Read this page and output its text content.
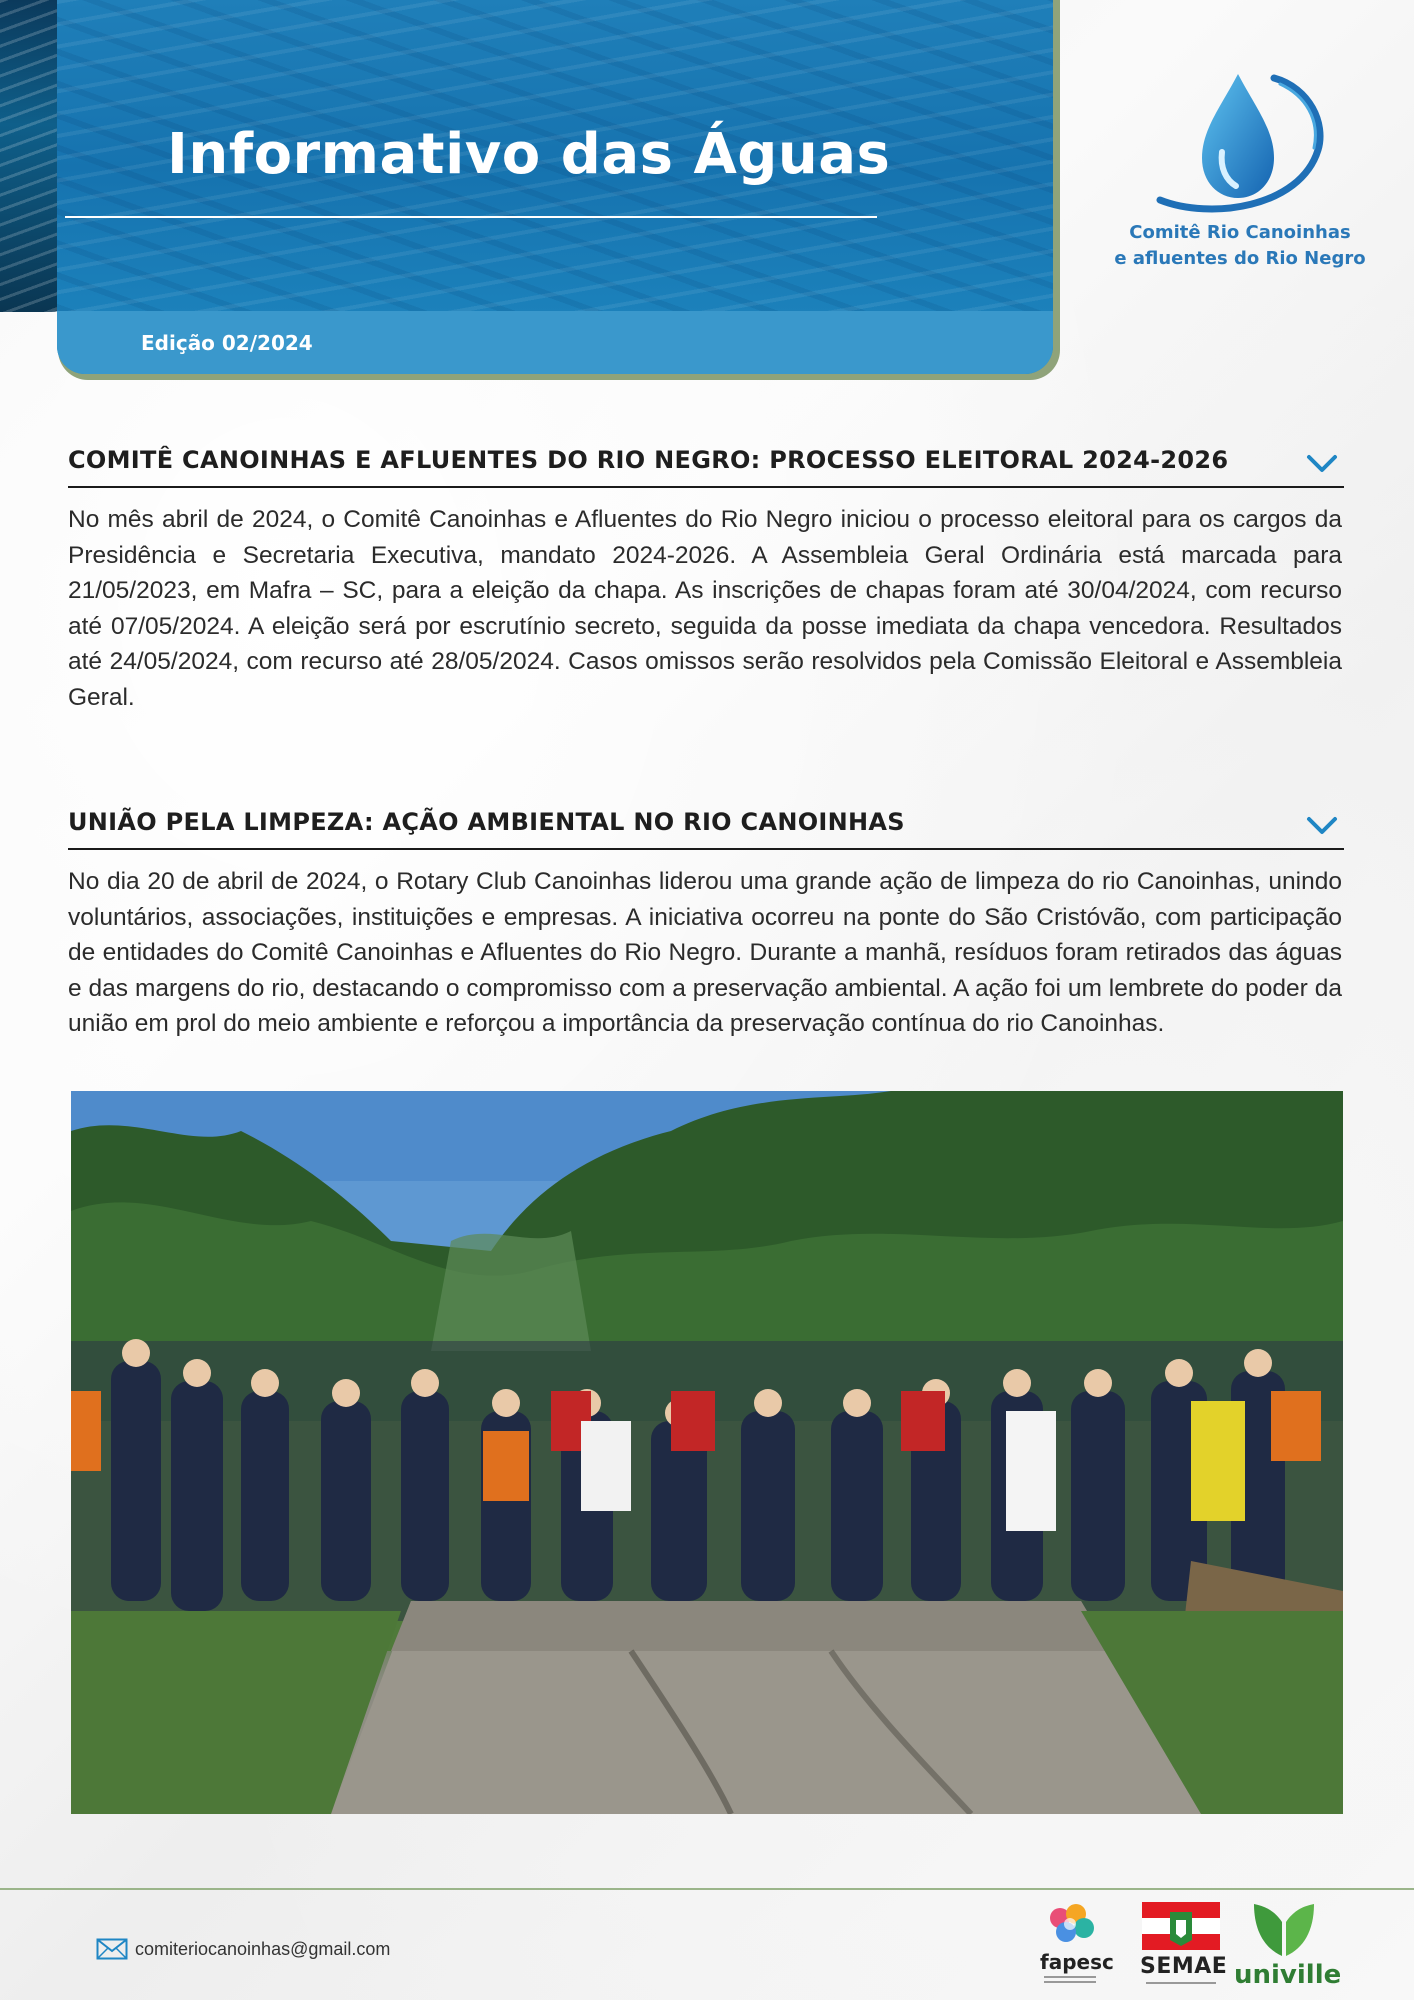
Informativo das Águas
Edição 02/2024
Comitê Rio Canoinhas
e afluentes do Rio Negro
COMITÊ CANOINHAS E AFLUENTES DO RIO NEGRO: PROCESSO ELEITORAL 2024-2026
No mês abril de 2024, o Comitê Canoinhas e Afluentes do Rio Negro iniciou o processo eleitoral para os cargos da Presidência e Secretaria Executiva, mandato 2024-2026. A Assembleia Geral Ordinária está marcada para 21/05/2023, em Mafra – SC, para a eleição da chapa. As inscrições de chapas foram até 30/04/2024, com recurso até 07/05/2024. A eleição será por escrutínio secreto, seguida da posse imediata da chapa vencedora. Resultados até 24/05/2024, com recurso até 28/05/2024. Casos omissos serão resolvidos pela Comissão Eleitoral e Assembleia Geral.
UNIÃO PELA LIMPEZA: AÇÃO AMBIENTAL NO RIO CANOINHAS
No dia 20 de abril de 2024, o Rotary Club Canoinhas liderou uma grande ação de limpeza do rio Canoinhas, unindo voluntários, associações, instituições e empresas. A iniciativa ocorreu na ponte do São Cristóvão, com participação de entidades do Comitê Canoinhas e Afluentes do Rio Negro. Durante a manhã, resíduos foram retirados das águas e das margens do rio, destacando o compromisso com a preservação ambiental. A ação foi um lembrete do poder da união em prol do meio ambiente e reforçou a importância da preservação contínua do rio Canoinhas.
comiteriocanoinhas@gmail.com
fapesc SEMAE univille
